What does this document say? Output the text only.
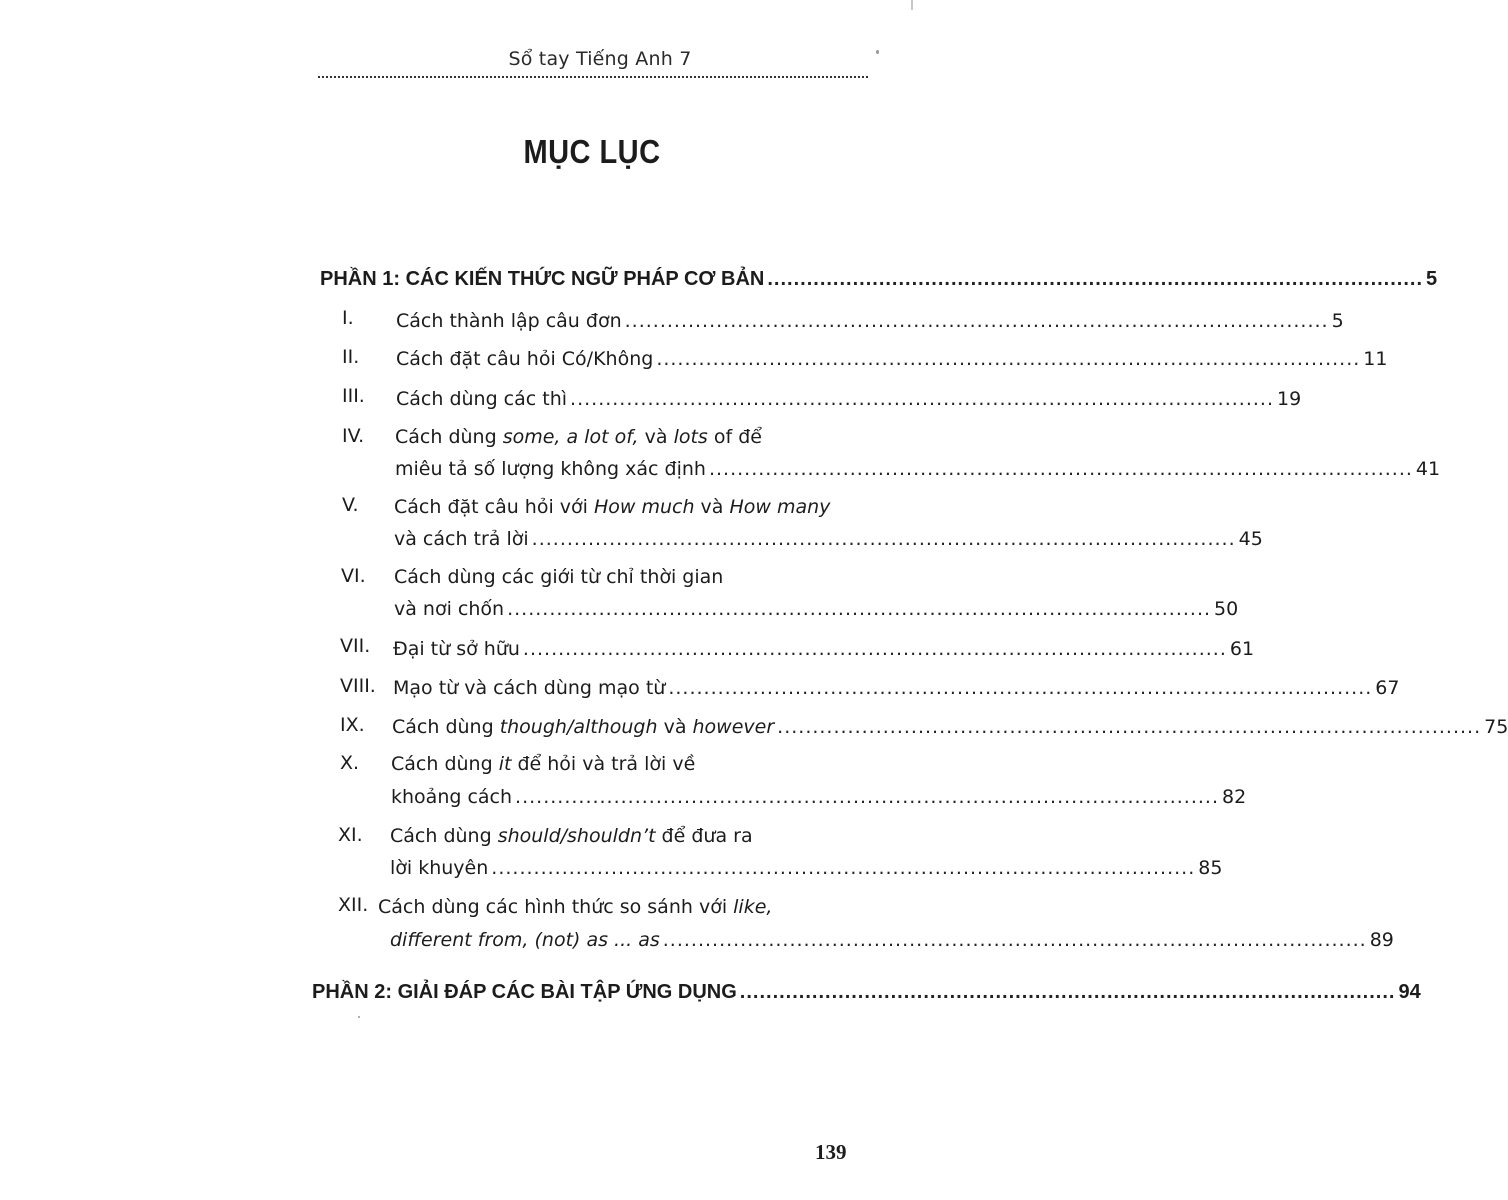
Sổ tay Tiếng Anh 7
MỤC LỤC
PHẦN 1: CÁC KIẾN THỨC NGỮ PHÁP CƠ BẢN .................................................................................................... 5
I. Cách thành lập câu đơn .................................................................................................... 5
II. Cách đặt câu hỏi Có/Không .................................................................................................... 11
III. Cách dùng các thì .................................................................................................... 19
IV. Cách dùng some, a lot of, và lots of để
miêu tả số lượng không xác định .................................................................................................... 41
V. Cách đặt câu hỏi với How much và How many
và cách trả lời .................................................................................................... 45
VI. Cách dùng các giới từ chỉ thời gian
và nơi chốn .................................................................................................... 50
VII. Đại từ sở hữu .................................................................................................... 61
VIII. Mạo từ và cách dùng mạo từ .................................................................................................... 67
IX. Cách dùng though/although và however .................................................................................................... 75
X. Cách dùng it để hỏi và trả lời về
khoảng cách .................................................................................................... 82
XI. Cách dùng should/shouldn’t để đưa ra
lời khuyên .................................................................................................... 85
XII. Cách dùng các hình thức so sánh với like,
different from, (not) as ... as .................................................................................................... 89
PHẦN 2: GIẢI ĐÁP CÁC BÀI TẬP ỨNG DỤNG .................................................................................................... 94
139
